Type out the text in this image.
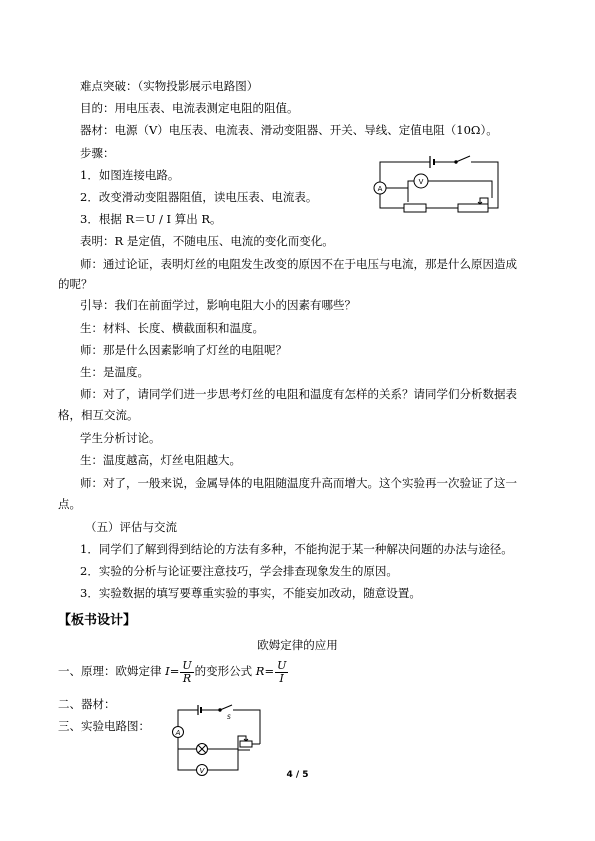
难点突破：（实物投影展示电路图）
目的：用电压表、电流表测定电阻的阻值。
器材：电源（V）电压表、电流表、滑动变阻器、开关、导线、定值电阻（10Ω）。
步骤：
1．如图连接电路。
2．改变滑动变阻器阻值，读电压表、电流表。
3．根据 R＝U / I 算出 R。
表明：R 是定值，不随电压、电流的变化而变化。
师：通过论证，表明灯丝的电阻发生改变的原因不在于电压与电流，那是什么原因造成
的呢？
引导：我们在前面学过，影响电阻大小的因素有哪些？
生：材料、长度、横截面积和温度。
师：那是什么因素影响了灯丝的电阻呢？
生：是温度。
师：对了，请同学们进一步思考灯丝的电阻和温度有怎样的关系？请同学们分析数据表
格，相互交流。
学生分析讨论。
生：温度越高，灯丝电阻越大。
师：对了，一般来说，金属导体的电阻随温度升高而增大。这个实验再一次验证了这一
点。
（五）评估与交流
1．同学们了解到得到结论的方法有多种，不能拘泥于某一种解决问题的办法与途径。
2．实验的分析与论证要注意技巧，学会排查现象发生的原因。
3．实验数据的填写要尊重实验的事实，不能妄加改动，随意设置。
A
V
【板书设计】
欧姆定律的应用
一、原理：欧姆定律 $I= \frac{U}{R}$ 的变形公式 $R= \frac{U}{I}$
二、器材：
三、实验电路图：	A
V
S
4 / 5
